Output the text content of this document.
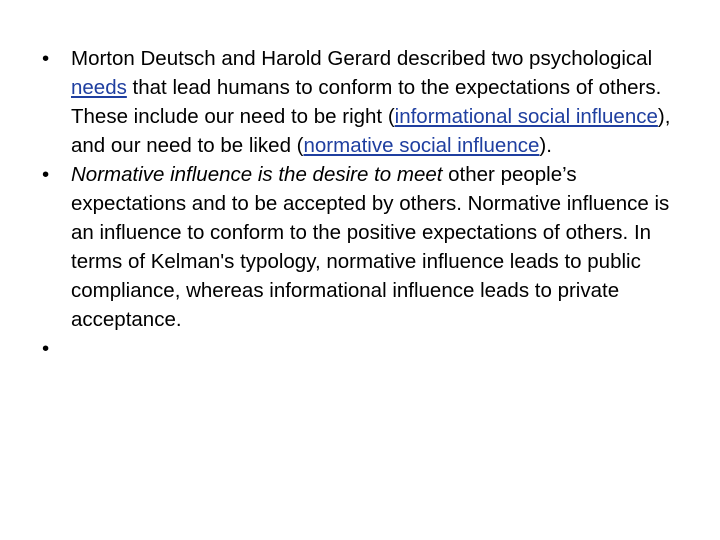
•	Morton Deutsch and Harold Gerard described two psychological needs that lead humans to conform to the expectations of others. These include our need to be right (informational social influence), and our need to be liked (normative social influence).
•	Normative influence is the desire to meet other people’s expectations and to be accepted by others. Normative influence is an influence to conform to the positive expectations of others. In terms of Kelman's typology, normative influence leads to public compliance, whereas informational influence leads to private acceptance.
•
